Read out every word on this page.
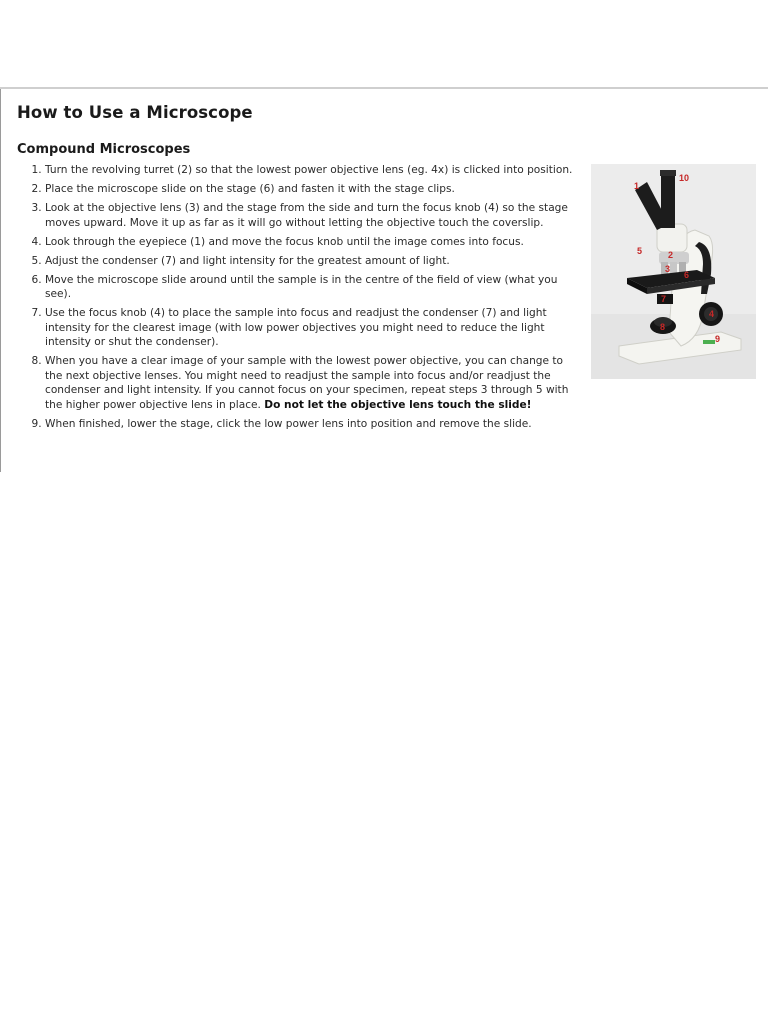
How to Use a Microscope
Compound Microscopes
1. Turn the revolving turret (2) so that the lowest power objective lens (eg. 4x) is clicked into position.
2. Place the microscope slide on the stage (6) and fasten it with the stage clips.
3. Look at the objective lens (3) and the stage from the side and turn the focus knob (4) so the stage moves upward. Move it up as far as it will go without letting the objective touch the coverslip.
4. Look through the eyepiece (1) and move the focus knob until the image comes into focus.
5. Adjust the condenser (7) and light intensity for the greatest amount of light.
6. Move the microscope slide around until the sample is in the centre of the field of view (what you see).
7. Use the focus knob (4) to place the sample into focus and readjust the condenser (7) and light intensity for the clearest image (with low power objectives you might need to reduce the light intensity or shut the condenser).
8. When you have a clear image of your sample with the lowest power objective, you can change to the next objective lenses. You might need to readjust the sample into focus and/or readjust the condenser and light intensity. If you cannot focus on your specimen, repeat steps 3 through 5 with the higher power objective lens in place. Do not let the objective lens touch the slide!
9. When finished, lower the stage, click the low power lens into position and remove the slide.
1
10
2
3
4
5
6
7
8
9
